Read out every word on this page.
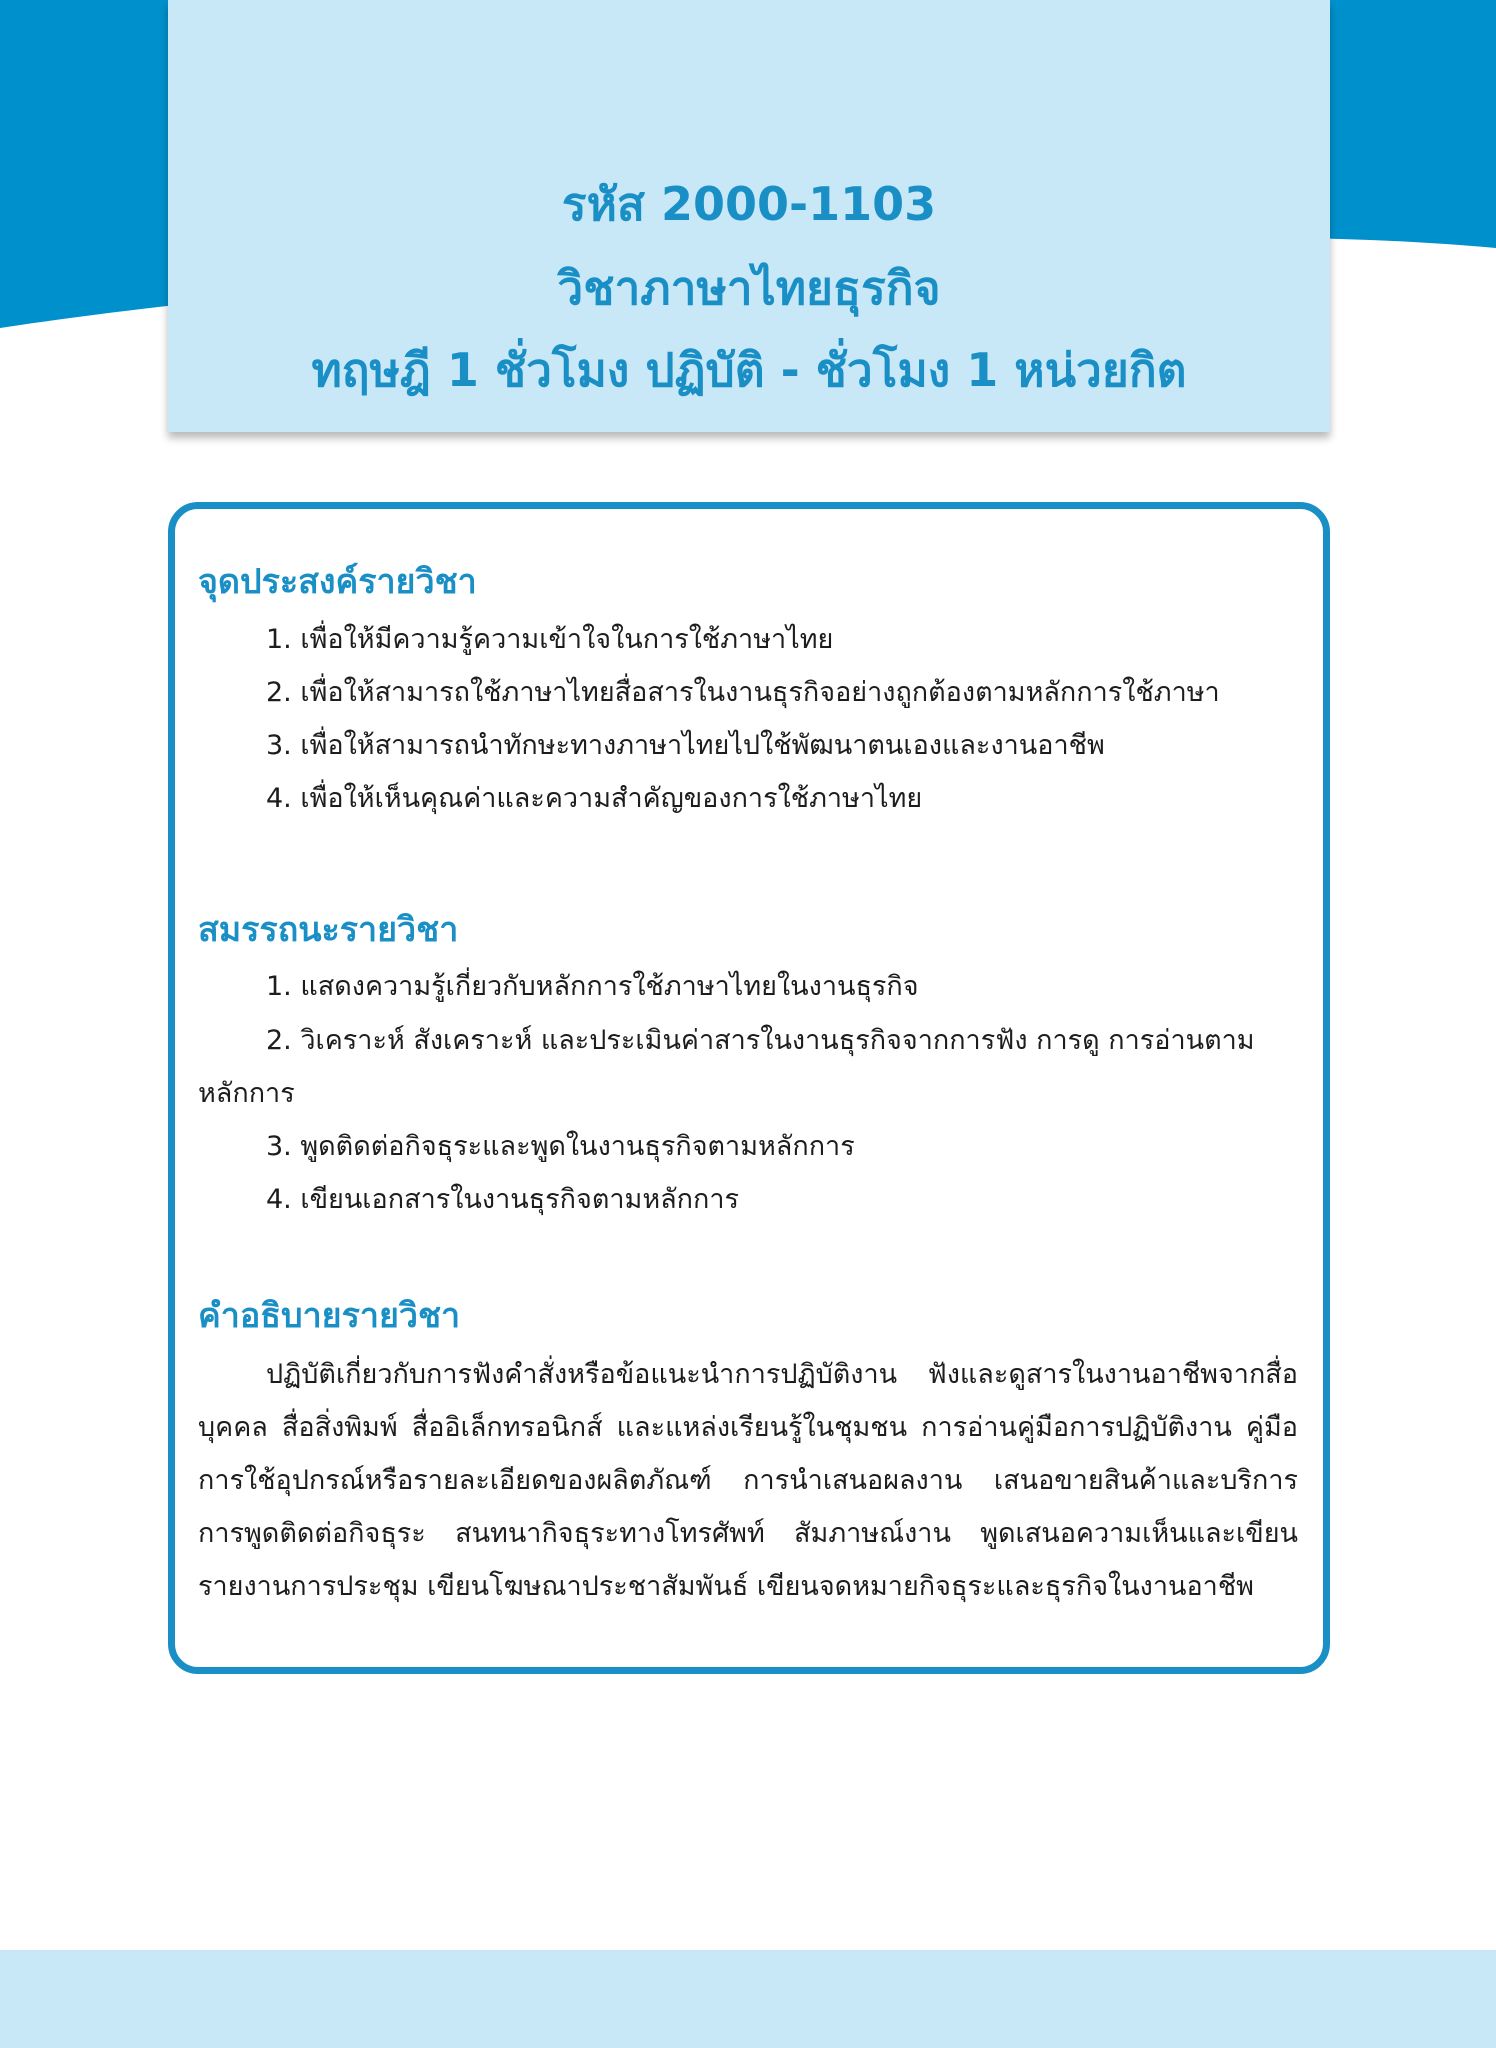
รหัส 2000-1103
วิชาภาษาไทยธุรกิจ
ทฤษฎี 1 ชั่วโมง ปฏิบัติ - ชั่วโมง 1 หน่วยกิต
จุดประสงค์รายวิชา
1. เพื่อให้มีความรู้ความเข้าใจในการใช้ภาษาไทย
2. เพื่อให้สามารถใช้ภาษาไทยสื่อสารในงานธุรกิจอย่างถูกต้องตามหลักการใช้ภาษา
3. เพื่อให้สามารถนำทักษะทางภาษาไทยไปใช้พัฒนาตนเองและงานอาชีพ
4. เพื่อให้เห็นคุณค่าและความสำคัญของการใช้ภาษาไทย
สมรรถนะรายวิชา
1. แสดงความรู้เกี่ยวกับหลักการใช้ภาษาไทยในงานธุรกิจ
2. วิเคราะห์ สังเคราะห์ และประเมินค่าสารในงานธุรกิจจากการฟัง การดู การอ่านตาม
หลักการ
3. พูดติดต่อกิจธุระและพูดในงานธุรกิจตามหลักการ
4. เขียนเอกสารในงานธุรกิจตามหลักการ
คำอธิบายรายวิชา
ปฏิบัติเกี่ยวกับการฟังคำสั่งหรือข้อแนะนำการปฏิบัติงาน ฟังและดูสารในงานอาชีพจากสื่อบุคคล สื่อสิ่งพิมพ์ สื่ออิเล็กทรอนิกส์ และแหล่งเรียนรู้ในชุมชน การอ่านคู่มือการปฏิบัติงาน คู่มือการใช้อุปกรณ์หรือรายละเอียดของผลิตภัณฑ์ การนำเสนอผลงาน เสนอขายสินค้าและบริการ การพูดติดต่อกิจธุระ สนทนากิจธุระทางโทรศัพท์ สัมภาษณ์งาน พูดเสนอความเห็นและเขียนรายงานการประชุม เขียนโฆษณาประชาสัมพันธ์ เขียนจดหมายกิจธุระและธุรกิจในงานอาชีพ
